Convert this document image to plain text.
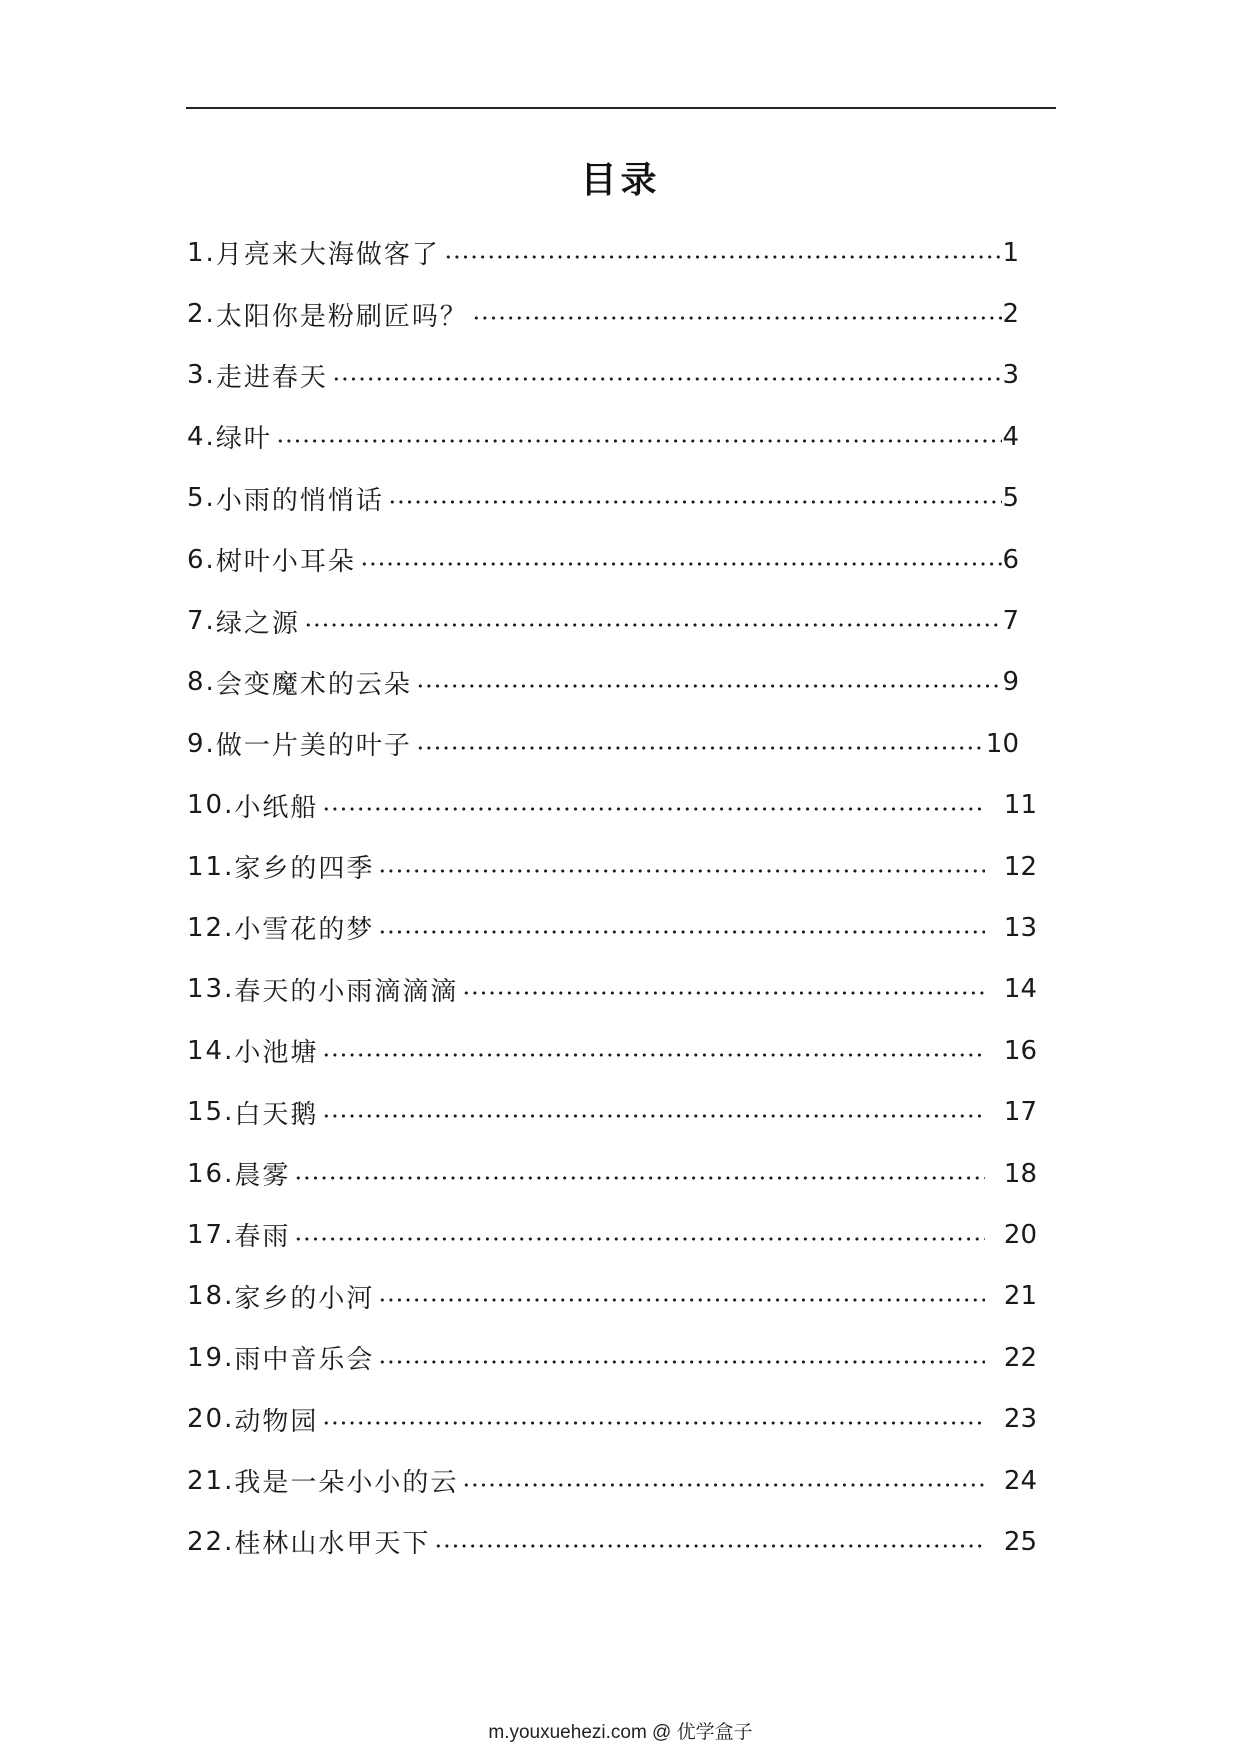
目录
1. 月亮来大海做客了	1
2. 太阳你是粉刷匠吗？	2
3. 走进春天	3
4. 绿叶	4
5. 小雨的悄悄话	5
6. 树叶小耳朵	6
7. 绿之源	7
8. 会变魔术的云朵	9
9. 做一片美的叶子	10
10. 小纸船	11
11. 家乡的四季	12
12. 小雪花的梦	13
13. 春天的小雨滴滴滴	14
14. 小池塘	16
15. 白天鹅	17
16. 晨雾	18
17. 春雨	20
18. 家乡的小河	21
19. 雨中音乐会	22
20. 动物园	23
21. 我是一朵小小的云	24
22. 桂林山水甲天下	25
m.youxuehezi.com @ 优学盒子
